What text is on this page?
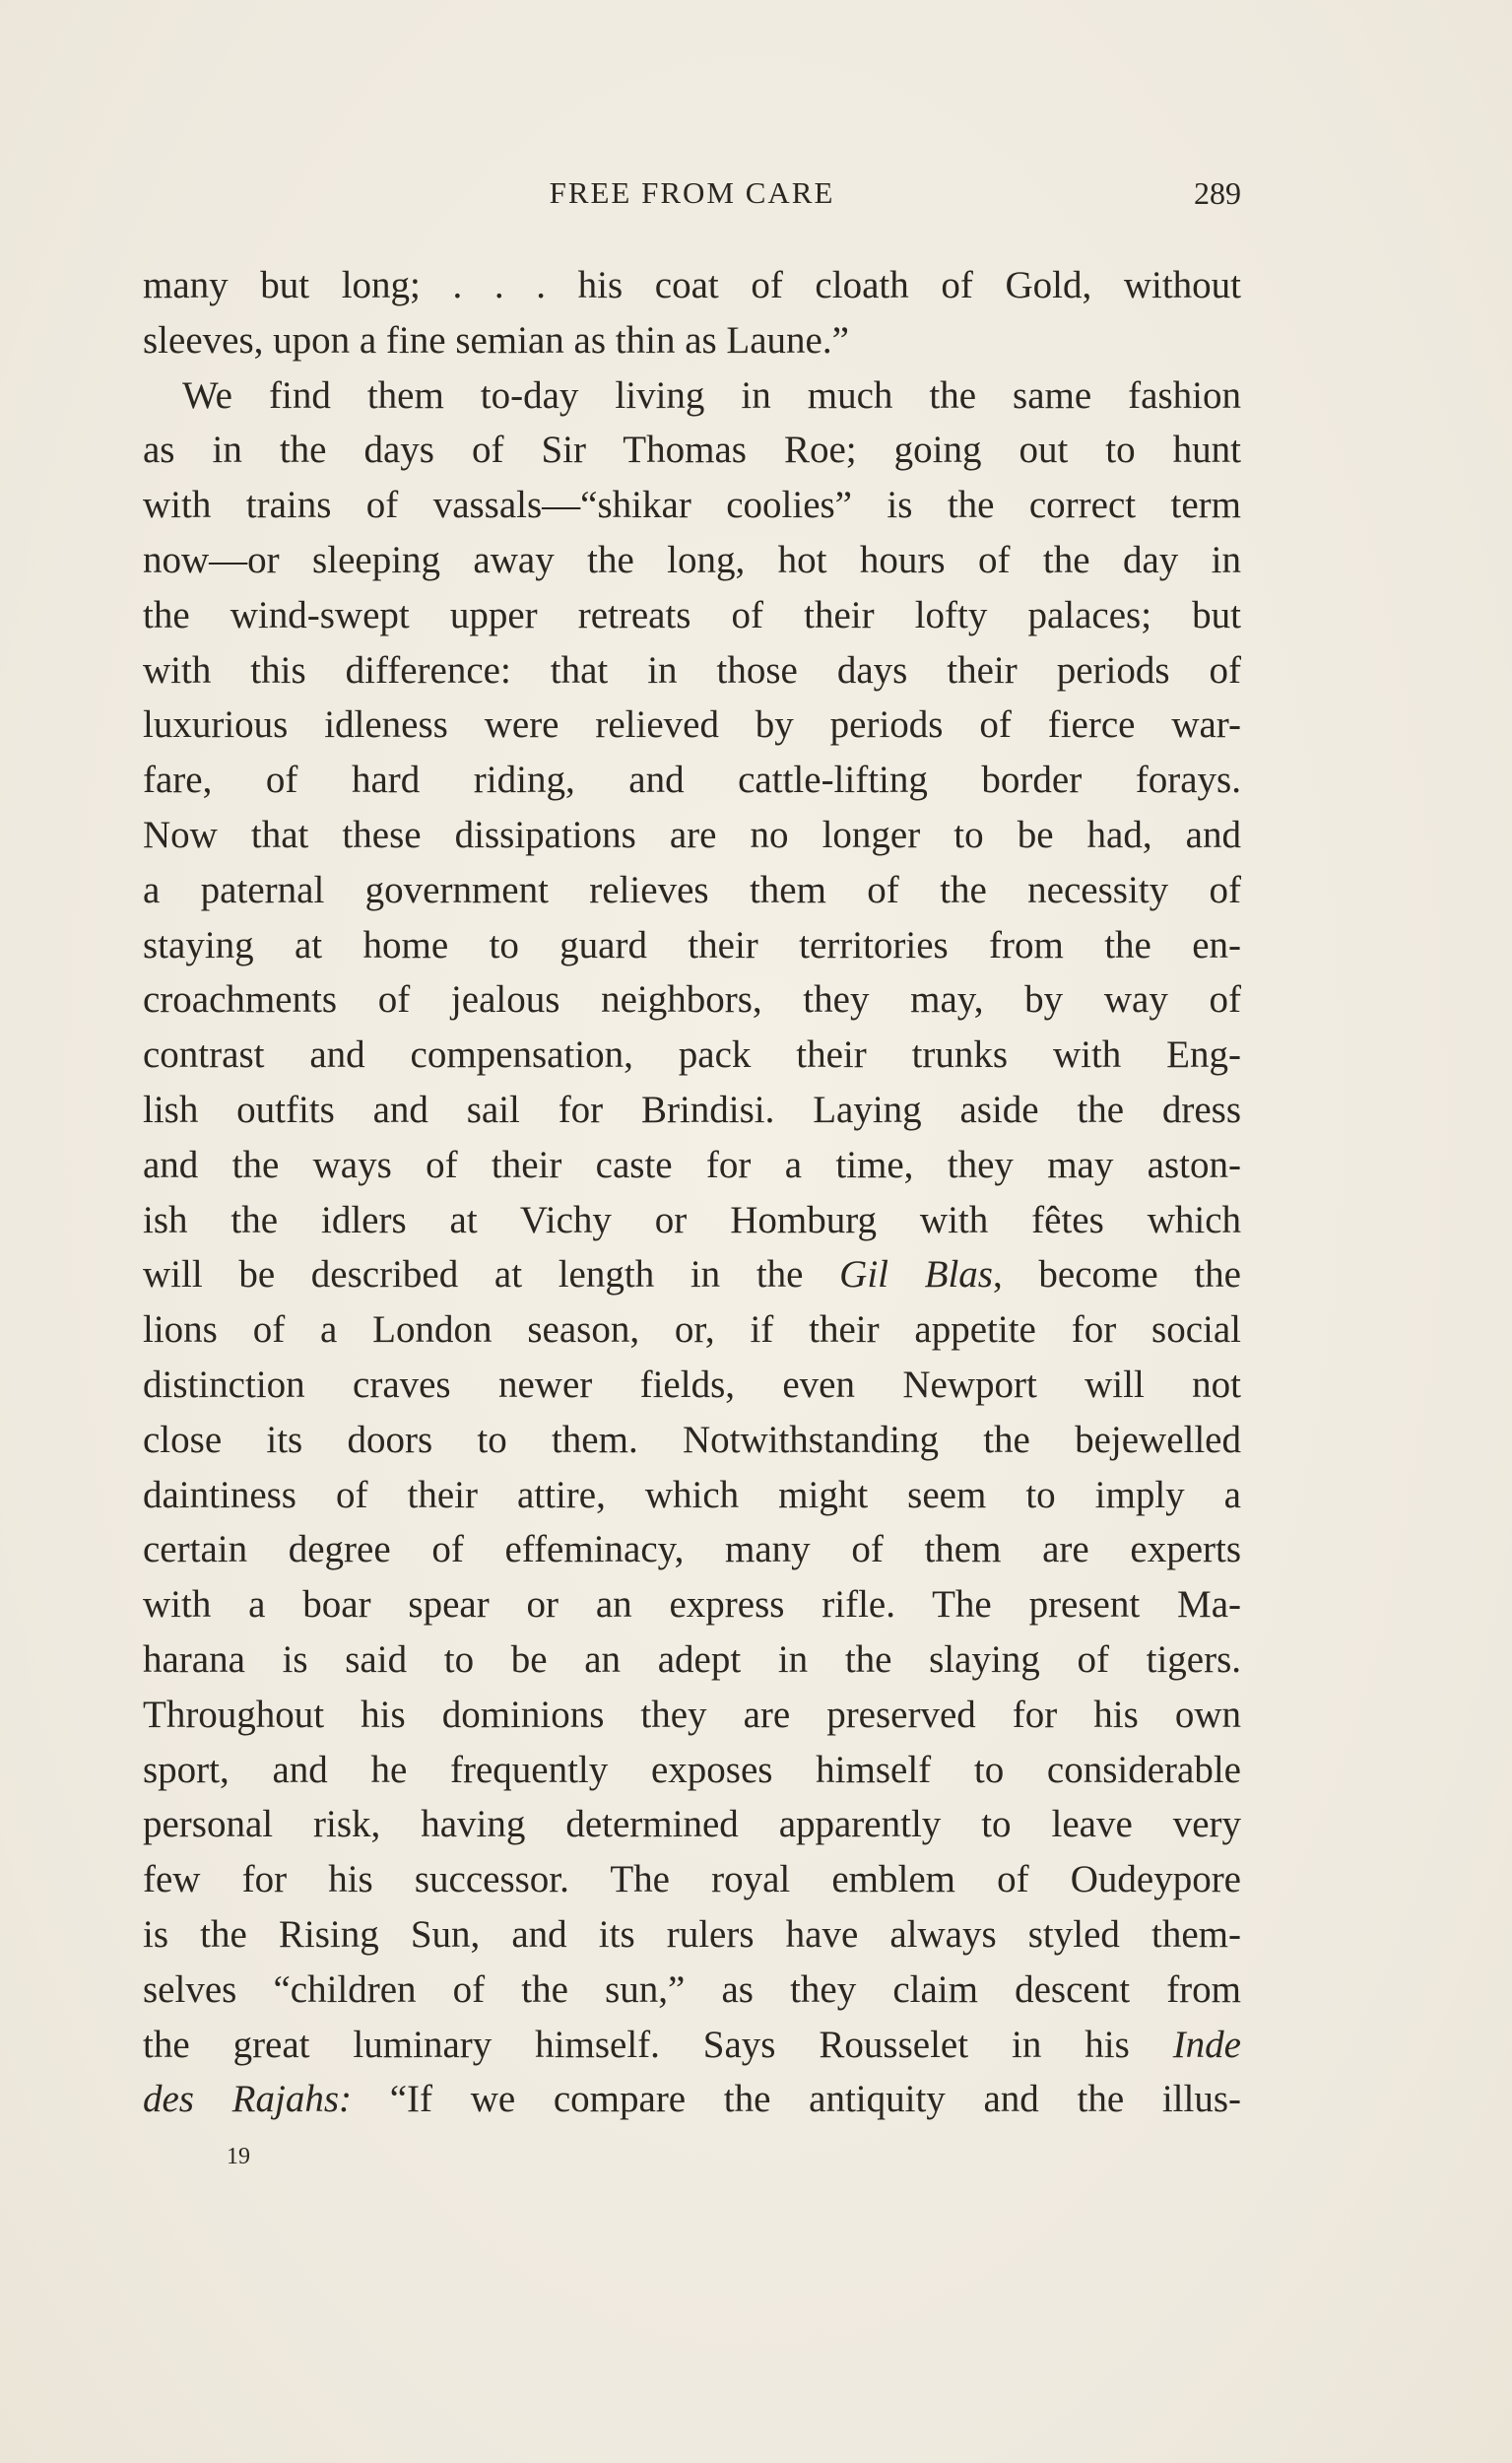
FREE FROM CARE	289
many but long; . . . his coat of cloath of Gold, without
sleeves, upon a fine semian as thin as Laune.”
We find them to-day living in much the same fashion
as in the days of Sir Thomas Roe; going out to hunt
with trains of vassals—“shikar coolies” is the correct term
now—or sleeping away the long, hot hours of the day in
the wind-swept upper retreats of their lofty palaces; but
with this difference: that in those days their periods of
luxurious idleness were relieved by periods of fierce war-
fare, of hard riding, and cattle-lifting border forays.
Now that these dissipations are no longer to be had, and
a paternal government relieves them of the necessity of
staying at home to guard their territories from the en-
croachments of jealous neighbors, they may, by way of
contrast and compensation, pack their trunks with Eng-
lish outfits and sail for Brindisi. Laying aside the dress
and the ways of their caste for a time, they may aston-
ish the idlers at Vichy or Homburg with fêtes which
will be described at length in the Gil Blas, become the
lions of a London season, or, if their appetite for social
distinction craves newer fields, even Newport will not
close its doors to them. Notwithstanding the bejewelled
daintiness of their attire, which might seem to imply a
certain degree of effeminacy, many of them are experts
with a boar spear or an express rifle. The present Ma-
harana is said to be an adept in the slaying of tigers.
Throughout his dominions they are preserved for his own
sport, and he frequently exposes himself to considerable
personal risk, having determined apparently to leave very
few for his successor. The royal emblem of Oudeypore
is the Rising Sun, and its rulers have always styled them-
selves “children of the sun,” as they claim descent from
the great luminary himself. Says Rousselet in his Inde
des Rajahs: “If we compare the antiquity and the illus-
19
